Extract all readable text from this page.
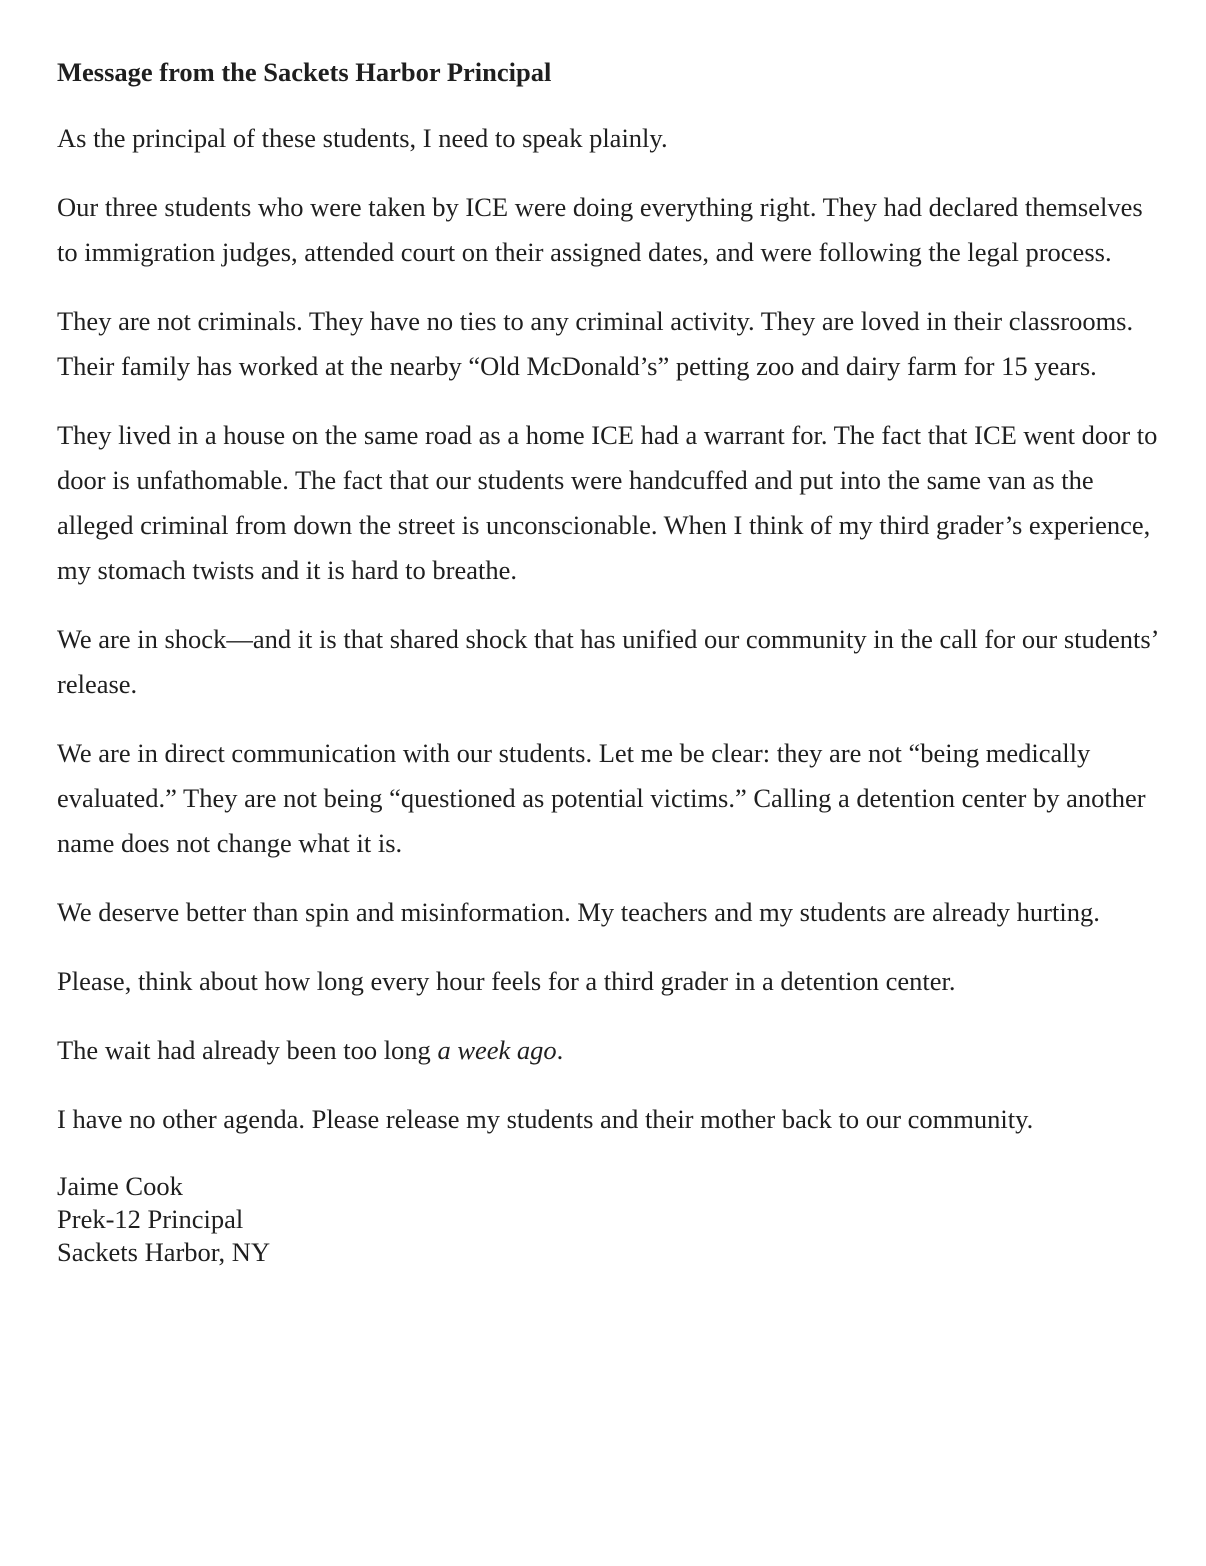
Message from the Sackets Harbor Principal

As the principal of these students, I need to speak plainly.

Our three students who were taken by ICE were doing everything right. They had declared themselves to immigration judges, attended court on their assigned dates, and were following the legal process.

They are not criminals. They have no ties to any criminal activity. They are loved in their classrooms. Their family has worked at the nearby “Old McDonald’s” petting zoo and dairy farm for 15 years.

They lived in a house on the same road as a home ICE had a warrant for. The fact that ICE went door to door is unfathomable. The fact that our students were handcuffed and put into the same van as the alleged criminal from down the street is unconscionable. When I think of my third grader’s experience, my stomach twists and it is hard to breathe.

We are in shock—and it is that shared shock that has unified our community in the call for our students’ release.

We are in direct communication with our students. Let me be clear: they are not “being medically evaluated.” They are not being “questioned as potential victims.” Calling a detention center by another name does not change what it is.

We deserve better than spin and misinformation. My teachers and my students are already hurting.

Please, think about how long every hour feels for a third grader in a detention center.

The wait had already been too long a week ago.

I have no other agenda. Please release my students and their mother back to our community.

Jaime Cook
Prek-12 Principal
Sackets Harbor, NY
